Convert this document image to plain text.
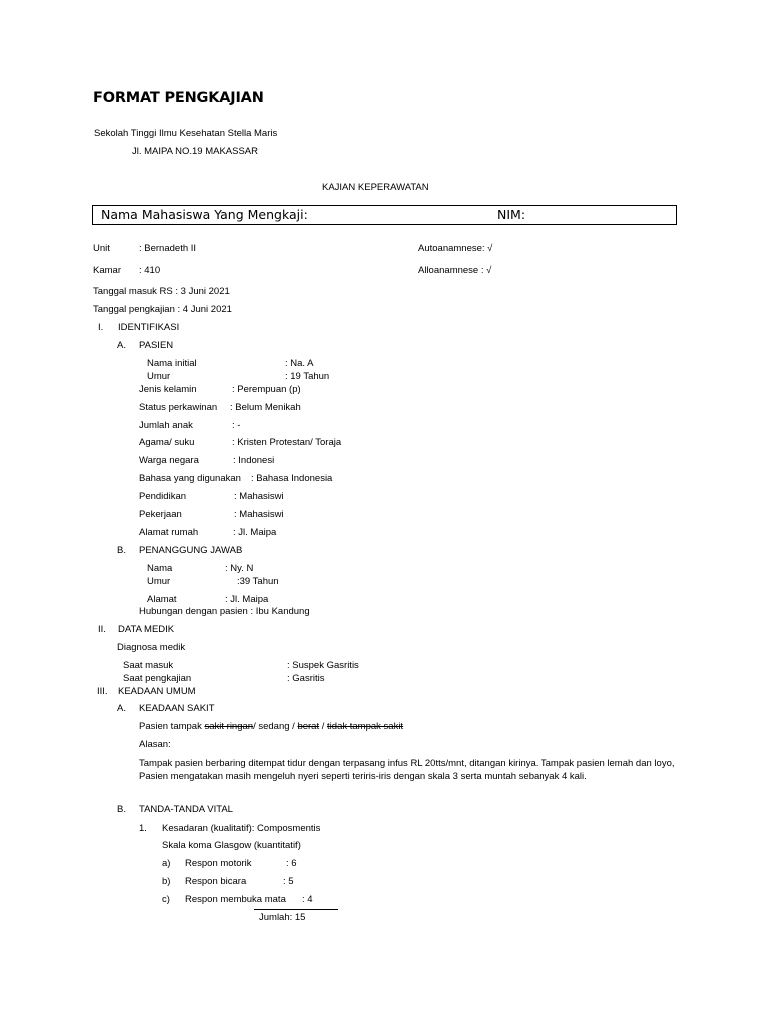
FORMAT PENGKAJIAN
Sekolah Tinggi Ilmu Kesehatan Stella Maris
Jl. MAIPA NO.19 MAKASSAR
KAJIAN KEPERAWATAN
Nama Mahasiswa Yang Mengkaji:	NIM:
Unit	: Bernadeth II	Autoanamnese: √
Kamar : 410	Alloanamnese : √
Tanggal masuk RS : 3 Juni 2021
Tanggal pengkajian : 4 Juni 2021
I. IDENTIFIKASI
A. PASIEN
Nama initial	: Na. A
Umur	: 19 Tahun
Jenis kelamin	: Perempuan (p)
Status perkawinan : Belum Menikah
Jumlah anak	: -
Agama/ suku	: Kristen Protestan/ Toraja
Warga negara	: Indonesi
Bahasa yang digunakan : Bahasa Indonesia
Pendidikan	: Mahasiswi
Pekerjaan	: Mahasiswi
Alamat rumah	: Jl. Maipa
B. PENANGGUNG JAWAB
Nama	: Ny. N
Umur	:39 Tahun
Alamat	: Jl. Maipa
Hubungan dengan pasien : Ibu Kandung
II. DATA MEDIK
Diagnosa medik
Saat masuk	: Suspek Gasritis
Saat pengkajian	: Gasritis
III. KEADAAN UMUM
A. KEADAAN SAKIT
Pasien tampak sakit ringan/ sedang / berat / tidak tampak sakit
Alasan:
Tampak pasien berbaring ditempat tidur dengan terpasang infus RL 20tts/mnt, ditangan kirinya. Tampak pasien lemah dan loyo, Pasien mengatakan masih mengeluh nyeri seperti teriris-iris dengan skala 3 serta muntah sebanyak 4 kali.
B. TANDA-TANDA VITAL
1. Kesadaran (kualitatif): Composmentis
Skala koma Glasgow (kuantitatif)
a) Respon motorik	: 6
b) Respon bicara	: 5
c) Respon membuka mata : 4
Jumlah: 15
